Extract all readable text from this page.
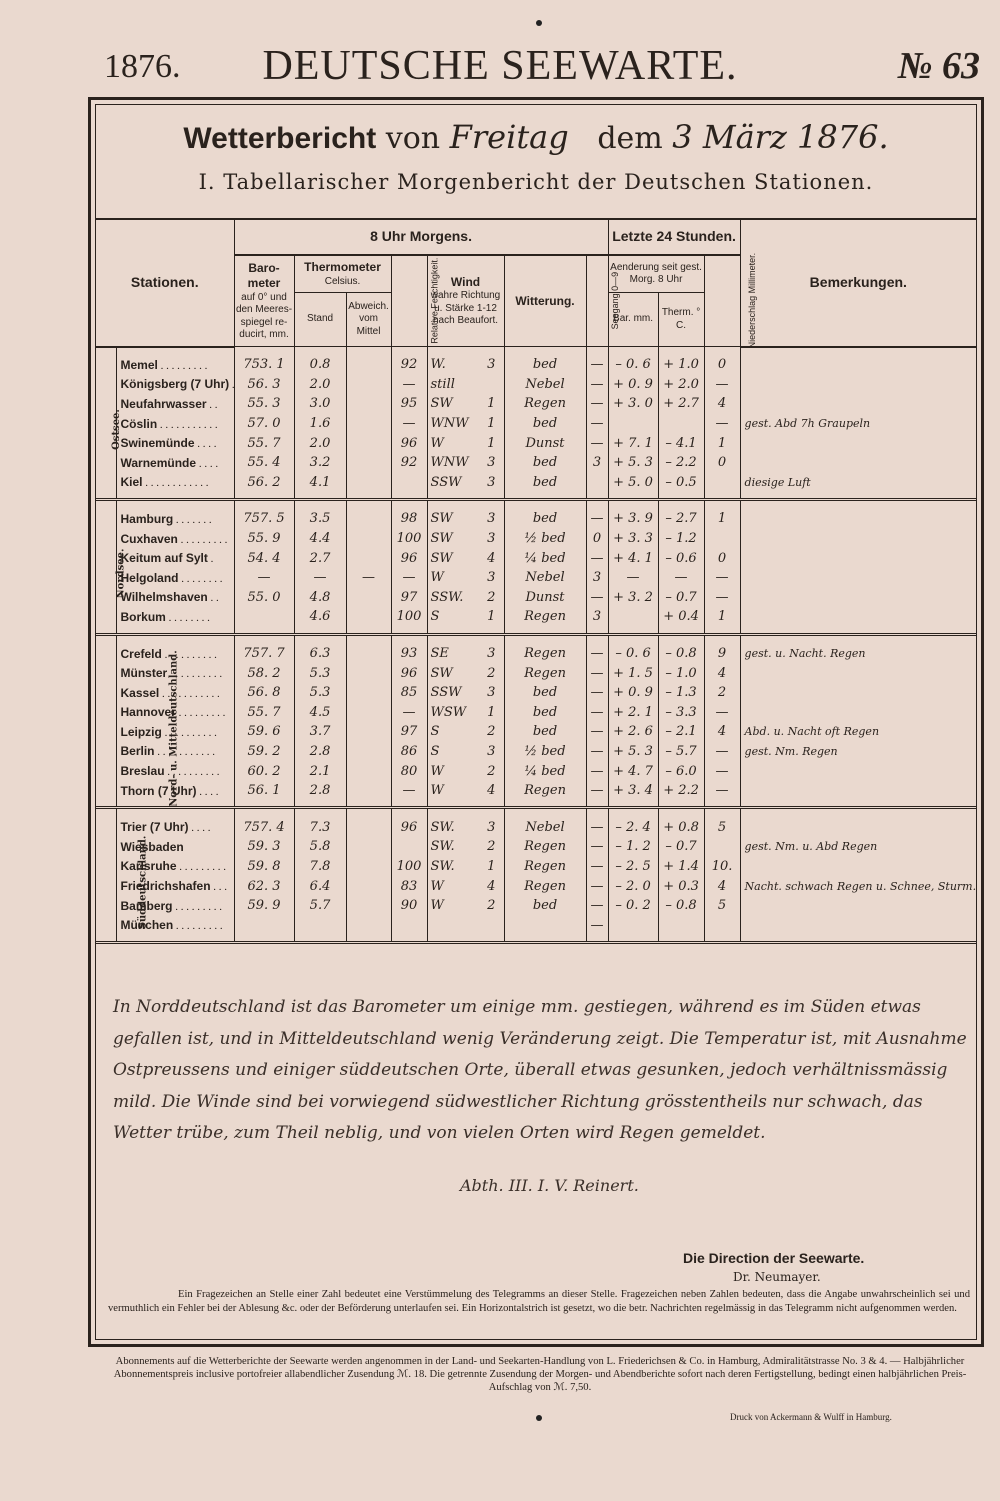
1876.	DEUTSCHE SEEWARTE.	№ 63
Wetterbericht von Freitag dem 3 März 1876.
I. Tabellarischer Morgenbericht der Deutschen Stationen.
Stationen.		8 Uhr Morgens.								Letzte 24 Stunden.			Bemerkungen.
		Baro-meter
auf 0° und den Meeres-spiegel re-ducirt, mm.	Thermometer
Celsius.		Relative Feuchtigkeit.	Wind
wahre Richtung u. Stärke 1-12 nach Beaufort.		Witterung.	Seegang 0—9	Aenderung seit gest. Morg. 8 Uhr		Niederschlag Millimeter.	
			Stand	Abweich. vom Mittel						Bar. mm.	Therm. ° C.		
Ostsee.	Memel . . . . . . . . .	753. 1	0.8		92	W.	3	bed	—	– 0. 6	+ 1.0	0	
	Königsberg (7 Uhr) .	56. 3	2.0		—	still		Nebel	—	+ 0. 9	+ 2.0	—	
	Neufahrwasser . .	55. 3	3.0		95	SW	1	Regen	—	+ 3. 0	+ 2.7	4	
	Cöslin . . . . . . . . . . .	57. 0	1.6		—	WNW	1	bed	—			—	gest. Abd 7h Graupeln
	Swinemünde . . . .	55. 7	2.0		96	W	1	Dunst	—	+ 7. 1	– 4.1	1	
	Warnemünde . . . .	55. 4	3.2		92	WNW	3	bed	3	+ 5. 3	– 2.2	0	
	Kiel . . . . . . . . . . . .	56. 2	4.1			SSW	3	bed		+ 5. 0	– 0.5		diesige Luft
Nordsee.	Hamburg . . . . . . .	757. 5	3.5		98	SW	3	bed	—	+ 3. 9	– 2.7	1	
	Cuxhaven . . . . . . . . .	55. 9	4.4		100	SW	3	½ bed	0	+ 3. 3	– 1.2		
	Keitum auf Sylt .	54. 4	2.7		96	SW	4	¼ bed	—	+ 4. 1	– 0.6	0	
	Helgoland . . . . . . . .	—	—	—	—	W	3	Nebel	3	—	—	—	
	Wilhelmshaven . .	55. 0	4.8		97	SSW.	2	Dunst	—	+ 3. 2	– 0.7	—	
	Borkum . . . . . . . .		4.6		100	S	1	Regen	3		+ 0.4	1	
Nord- u. Mitteldeutschland.	Crefeld . . . . . . . . . .	757. 7	6.3		93	SE	3	Regen	—	– 0. 6	– 0.8	9	gest. u. Nacht. Regen
	Münster . . . . . . . . . .	58. 2	5.3		96	SW	2	Regen	—	+ 1. 5	– 1.0	4	
	Kassel . . . . . . . . . . .	56. 8	5.3		85	SSW	3	bed	—	+ 0. 9	– 1.3	2	
	Hannover . . . . . . . . .	55. 7	4.5		—	WSW	1	bed	—	+ 2. 1	– 3.3	—	
	Leipzig . . . . . . . . . .	59. 6	3.7		97	S	2	bed	—	+ 2. 6	– 2.1	4	Abd. u. Nacht oft Regen
	Berlin . . . . . . . . . . .	59. 2	2.8		86	S	3	½ bed	—	+ 5. 3	– 5.7	—	gest. Nm. Regen
	Breslau . . . . . . . . . .	60. 2	2.1		80	W	2	¼ bed	—	+ 4. 7	– 6.0	—	
	Thorn (7 Uhr) . . . .	56. 1	2.8		—	W	4	Regen	—	+ 3. 4	+ 2.2	—	
Süddeutschland.	Trier (7 Uhr) . . . .	757. 4	7.3		96	SW.	3	Nebel	—	– 2. 4	+ 0.8	5	
	Wiesbaden	59. 3	5.8			SW.	2	Regen	—	– 1. 2	– 0.7		gest. Nm. u. Abd Regen
	Karlsruhe . . . . . . . . .	59. 8	7.8		100	SW.	1	Regen	—	– 2. 5	+ 1.4	10.	
	Friedrichshafen . . .	62. 3	6.4		83	W	4	Regen	—	– 2. 0	+ 0.3	4	Nacht. schwach Regen u. Schnee, Sturm.
	Bamberg . . . . . . . . .	59. 9	5.7		90	W	2	bed	—	– 0. 2	– 0.8	5	
	München . . . . . . . . .								—				
In Norddeutschland ist das Barometer um einige mm. gestiegen, während es im Süden etwas gefallen ist, und in Mitteldeutschland wenig Veränderung zeigt. Die Temperatur ist, mit Ausnahme Ostpreussens und einiger süddeutschen Orte, überall etwas gesunken, jedoch verhältnissmässig mild. Die Winde sind bei vorwiegend südwestlicher Richtung grösstentheils nur schwach, das Wetter trübe, zum Theil neblig, und von vielen Orten wird Regen gemeldet.
Abth. III. I. V. Reinert.
Die Direction der Seewarte.
Dr. Neumayer.
Ein Fragezeichen an Stelle einer Zahl bedeutet eine Verstümmelung des Telegramms an dieser Stelle. Fragezeichen neben Zahlen bedeuten, dass die Angabe unwahrscheinlich sei und vermuthlich ein Fehler bei der Ablesung &c. oder der Beförderung unterlaufen sei. Ein Horizontalstrich ist gesetzt, wo die betr. Nachrichten regelmässig in das Telegramm nicht aufgenommen werden.
Abonnements auf die Wetterberichte der Seewarte werden angenommen in der Land- und Seekarten-Handlung von L. Friederichsen & Co. in Hamburg, Admiralitätstrasse No. 3 & 4. — Halbjährlicher Abonnementspreis inclusive portofreier allabendlicher Zusendung ℳ. 18. Die getrennte Zusendung der Morgen- und Abendberichte sofort nach deren Fertigstellung, bedingt einen halbjährlichen Preis-Aufschlag von ℳ. 7,50.
Druck von Ackermann & Wulff in Hamburg.
